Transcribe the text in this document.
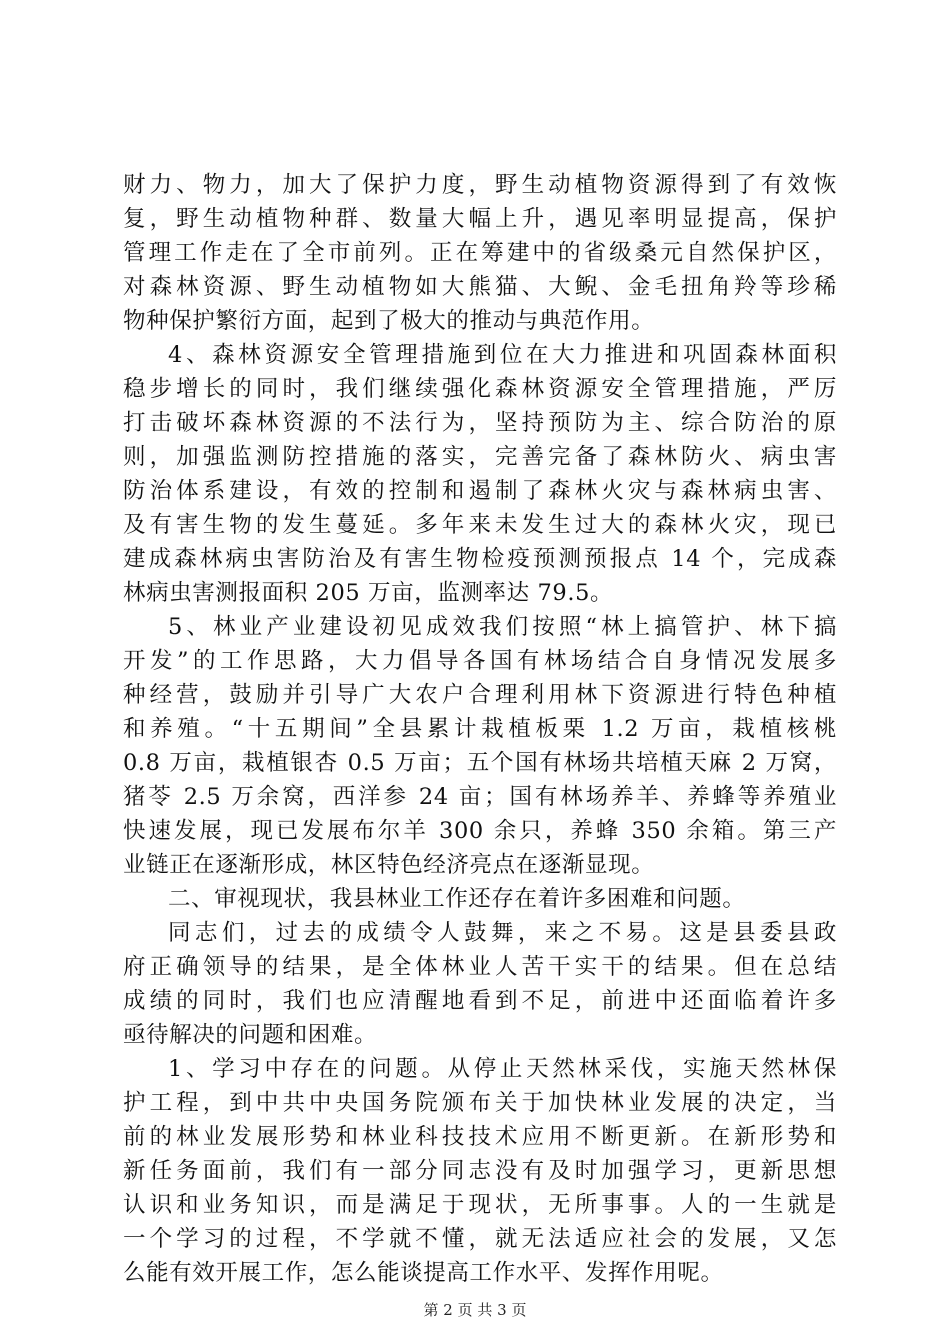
财力、物力，加大了保护力度，野生动植物资源得到了有效恢
复，野生动植物种群、数量大幅上升，遇见率明显提高，保护
管理工作走在了全市前列。正在筹建中的省级桑元自然保护区，
对森林资源、野生动植物如大熊猫、大鲵、金毛扭角羚等珍稀
物种保护繁衍方面，起到了极大的推动与典范作用。
4、森林资源安全管理措施到位在大力推进和巩固森林面积
稳步增长的同时，我们继续强化森林资源安全管理措施，严厉
打击破坏森林资源的不法行为，坚持预防为主、综合防治的原
则，加强监测防控措施的落实，完善完备了森林防火、病虫害
防治体系建设，有效的控制和遏制了森林火灾与森林病虫害、
及有害生物的发生蔓延。多年来未发生过大的森林火灾，现已
建成森林病虫害防治及有害生物检疫预测预报点 14 个，完成森
林病虫害测报面积 205 万亩，监测率达 79.5。
5、林业产业建设初见成效我们按照“林上搞管护、林下搞
开发”的工作思路，大力倡导各国有林场结合自身情况发展多
种经营，鼓励并引导广大农户合理利用林下资源进行特色种植
和养殖。“十五期间”全县累计栽植板栗 1.2 万亩，栽植核桃
0.8 万亩，栽植银杏 0.5 万亩；五个国有林场共培植天麻 2 万窝，
猪苓 2.5 万余窝，西洋参 24 亩；国有林场养羊、养蜂等养殖业
快速发展，现已发展布尔羊 300 余只，养蜂 350 余箱。第三产
业链正在逐渐形成，林区特色经济亮点在逐渐显现。
二、审视现状，我县林业工作还存在着许多困难和问题。
同志们，过去的成绩令人鼓舞，来之不易。这是县委县政
府正确领导的结果，是全体林业人苦干实干的结果。但在总结
成绩的同时，我们也应清醒地看到不足，前进中还面临着许多
亟待解决的问题和困难。
1、学习中存在的问题。从停止天然林采伐，实施天然林保
护工程，到中共中央国务院颁布关于加快林业发展的决定，当
前的林业发展形势和林业科技技术应用不断更新。在新形势和
新任务面前，我们有一部分同志没有及时加强学习，更新思想
认识和业务知识，而是满足于现状，无所事事。人的一生就是
一个学习的过程，不学就不懂，就无法适应社会的发展，又怎
么能有效开展工作，怎么能谈提高工作水平、发挥作用呢。
第 2 页 共 3 页
